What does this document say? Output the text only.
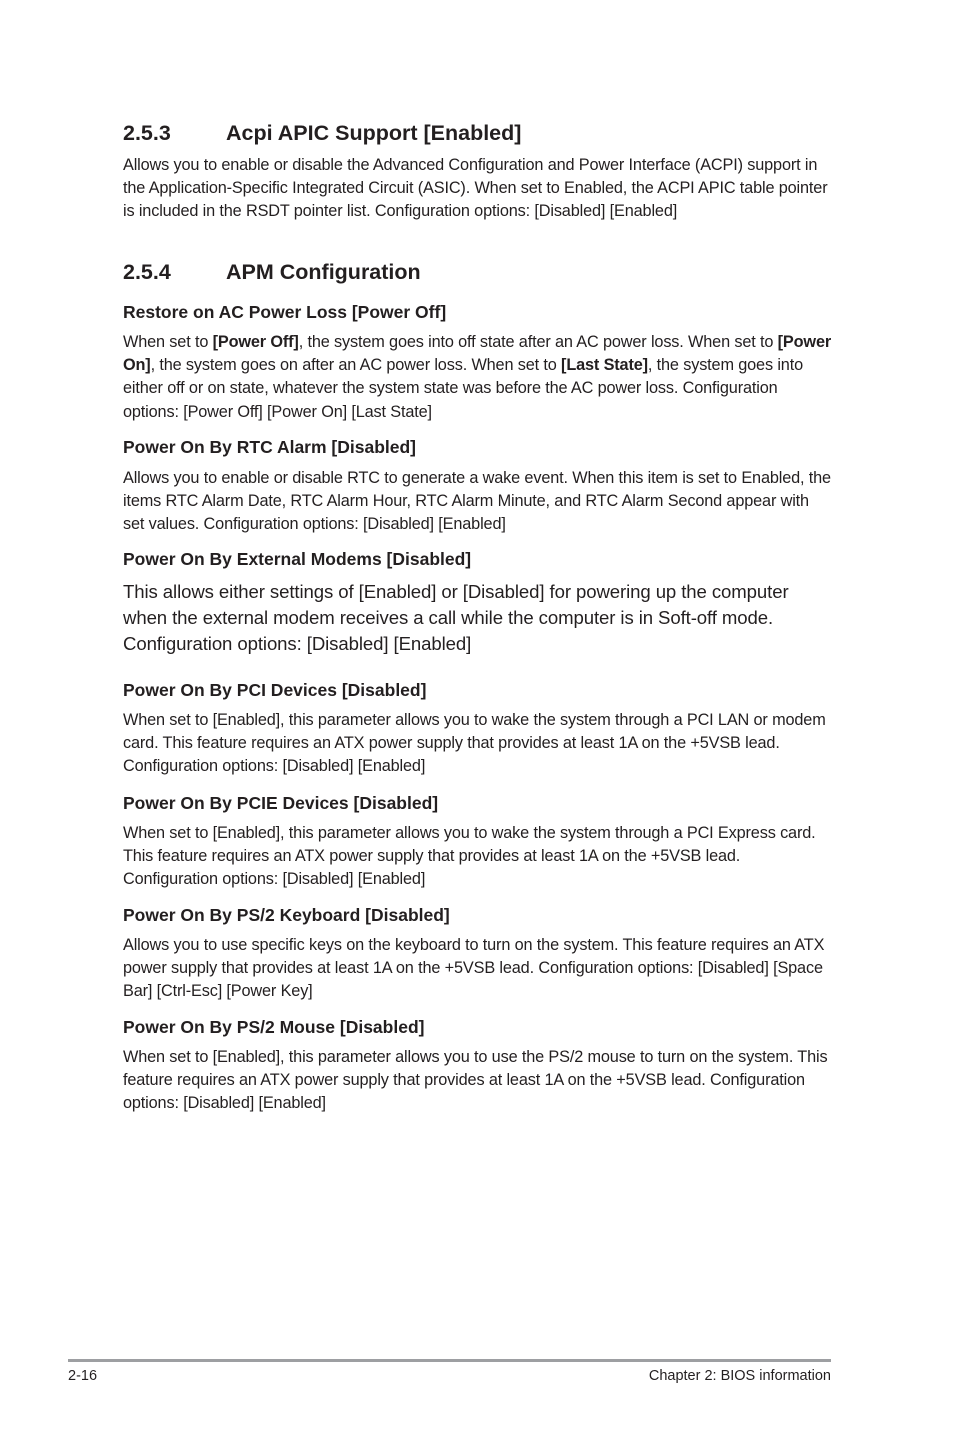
2.5.3	Acpi APIC Support [Enabled]

Allows you to enable or disable the Advanced Configuration and Power Interface (ACPI) support in the Application-Specific Integrated Circuit (ASIC). When set to Enabled, the ACPI APIC table pointer is included in the RSDT pointer list. Configuration options: [Disabled] [Enabled]

2.5.4	APM Configuration
Restore on AC Power Loss [Power Off]

When set to [Power Off], the system goes into off state after an AC power loss. When set to [Power On], the system goes on after an AC power loss. When set to [Last State], the system goes into either off or on state, whatever the system state was before the AC power loss. Configuration options: [Power Off] [Power On] [Last State]

Power On By RTC Alarm [Disabled]

Allows you to enable or disable RTC to generate a wake event. When this item is set to Enabled, the items RTC Alarm Date, RTC Alarm Hour, RTC Alarm Minute, and RTC Alarm Second appear with set values. Configuration options: [Disabled] [Enabled]

Power On By External Modems [Disabled]

This allows either settings of [Enabled] or [Disabled] for powering up the computer when the external modem receives a call while the computer is in Soft-off mode. Configuration options: [Disabled] [Enabled]

Power On By PCI Devices [Disabled]

When set to [Enabled], this parameter allows you to wake the system through a PCI LAN or modem card. This feature requires an ATX power supply that provides at least 1A on the +5VSB lead. Configuration options: [Disabled] [Enabled]

Power On By PCIE Devices [Disabled]

When set to [Enabled], this parameter allows you to wake the system through a PCI Express card. This feature requires an ATX power supply that provides at least 1A on the +5VSB lead. Configuration options: [Disabled] [Enabled]

Power On By PS/2 Keyboard [Disabled]

Allows you to use specific keys on the keyboard to turn on the system. This feature requires an ATX power supply that provides at least 1A on the +5VSB lead. Configuration options: [Disabled] [Space Bar] [Ctrl-Esc] [Power Key]

Power On By PS/2 Mouse [Disabled]

When set to [Enabled], this parameter allows you to use the PS/2 mouse to turn on the system. This feature requires an ATX power supply that provides at least 1A on the +5VSB lead. Configuration options: [Disabled] [Enabled]

2-16	Chapter 2: BIOS information
